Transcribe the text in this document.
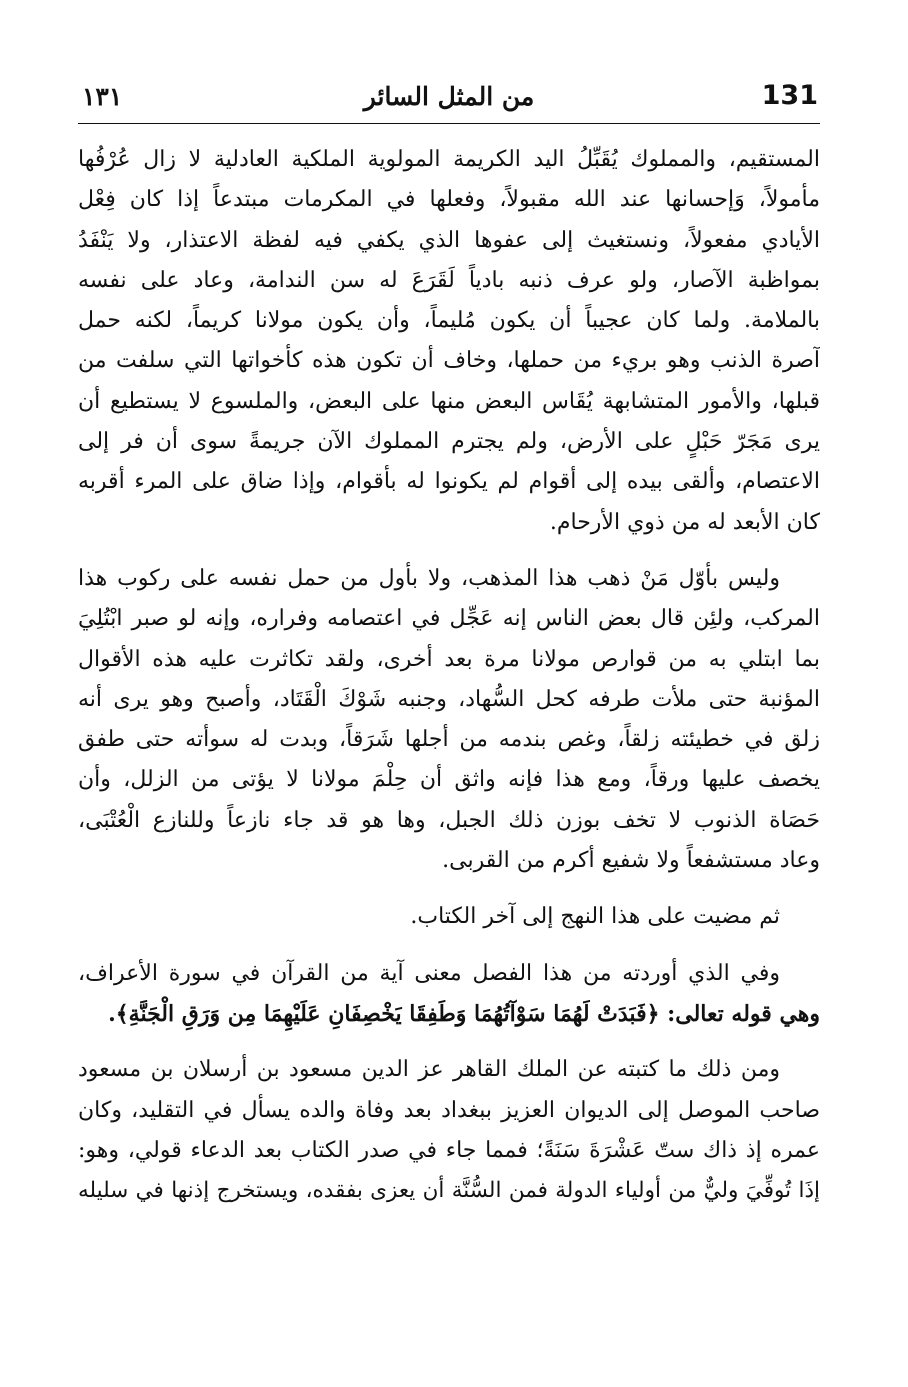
131
من المثل السائر
١٣١
المستقيم، والمملوك يُقَبِّلُ اليد الكريمة المولوية الملكية العادلية لا زال عُرْفُها
مأمولاً، وَإحسانها عند الله مقبولاً، وفعلها في المكرمات مبتدعاً إذا كان فِعْل
الأيادي مفعولاً، ونستغيث إلى عفوها الذي يكفي فيه لفظة الاعتذار، ولا يَنْفَدُ
بمواظبة الآصار، ولو عرف ذنبه بادياً لَقَرَعَ له سن الندامة، وعاد على نفسه
بالملامة. ولما كان عجيباً أن يكون مُليماً، وأن يكون مولانا كريماً، لكنه حمل
آصرة الذنب وهو بريء من حملها، وخاف أن تكون هذه كأخواتها التي سلفت من
قبلها، والأمور المتشابهة يُقَاس البعض منها على البعض، والملسوع لا يستطيع أن
يرى مَجَرّ حَبْلٍ على الأرض، ولم يجترم المملوك الآن جريمةً سوى أن فر إلى
الاعتصام، وألقى بيده إلى أقوام لم يكونوا له بأقوام، وإذا ضاق على المرء أقربه
كان الأبعد له من ذوي الأرحام.
وليس بأوّل مَنْ ذهب هذا المذهب، ولا بأول من حمل نفسه على ركوب هذا
المركب، ولئِن قال بعض الناس إنه عَجِّل في اعتصامه وفراره، وإنه لو صبر ابْتُلِيَ
بما ابتلي به من قوارص مولانا مرة بعد أخرى، ولقد تكاثرت عليه هذه الأقوال
المؤنبة حتى ملأت طرفه كحل السُّهاد، وجنبه شَوْكَ الْقَتَاد، وأصبح وهو يرى أنه
زلق في خطيئته زلقاً، وغص بندمه من أجلها شَرَقاً، وبدت له سوأته حتى طفق
يخصف عليها ورقاً، ومع هذا فإنه واثق أن حِلْمَ مولانا لا يؤتى من الزلل، وأن
حَصَاة الذنوب لا تخف بوزن ذلك الجبل، وها هو قد جاء نازعاً وللنازع الْعُتْبَى،
وعاد مستشفعاً ولا شفيع أكرم من القربى.
ثم مضيت على هذا النهج إلى آخر الكتاب.
وفي الذي أوردته من هذا الفصل معنى آية من القرآن في سورة الأعراف،
وهي قوله تعالى: ﴿فَبَدَتْ لَهُمَا سَوْآتُهُمَا وَطَفِقَا يَخْصِفَانِ عَلَيْهِمَا مِن وَرَقِ الْجَنَّةِ﴾.
ومن ذلك ما كتبته عن الملك القاهر عز الدين مسعود بن أرسلان بن مسعود
صاحب الموصل إلى الديوان العزيز ببغداد بعد وفاة والده يسأل في التقليد، وكان
عمره إذ ذاك ستّ عَشْرَةَ سَنَةً؛ فمما جاء في صدر الكتاب بعد الدعاء قولي، وهو:
إذَا تُوفِّيَ وليٌّ من أولياء الدولة فمن السُّنَّة أن يعزى بفقده، ويستخرج إذنها في سليله
